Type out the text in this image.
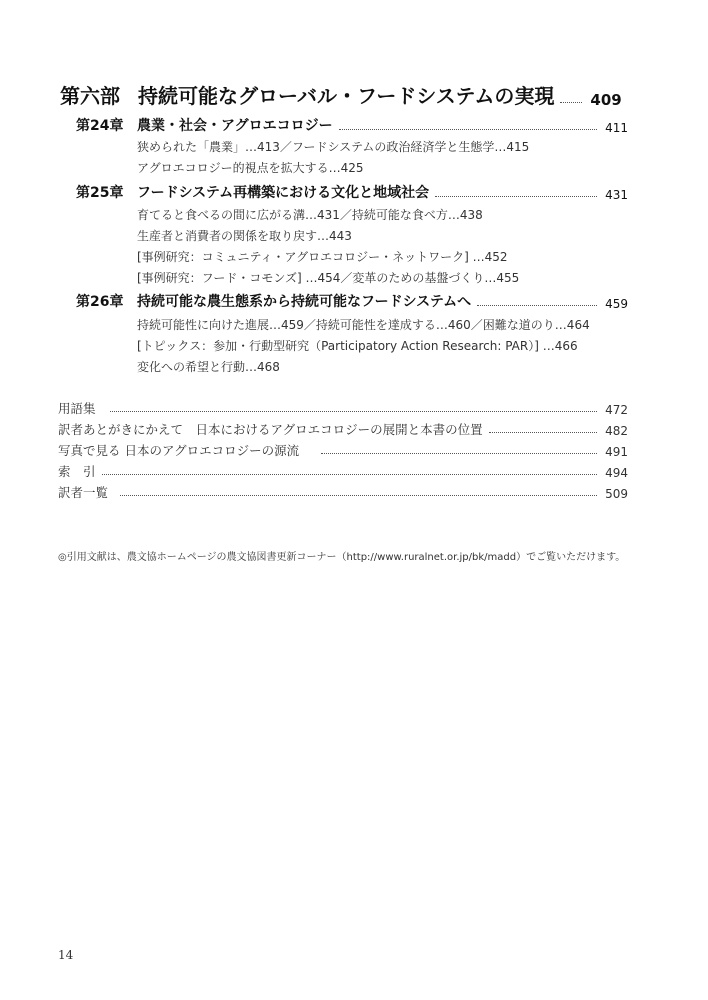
第六部 持続可能なグローバル・フードシステムの実現 409
第24章 農業・社会・アグロエコロジー	411
狭められた「農業」…413／フードシステムの政治経済学と生態学…415
アグロエコロジー的視点を拡大する…425
第25章 フードシステム再構築における文化と地域社会	431
育てると食べるの間に広がる溝…431／持続可能な食べ方…438
生産者と消費者の関係を取り戻す…443
[事例研究：コミュニティ・アグロエコロジー・ネットワーク] …452
[事例研究：フード・コモンズ] …454／変革のための基盤づくり…455
第26章 持続可能な農生態系から持続可能なフードシステムへ	459
持続可能性に向けた進展…459／持続可能性を達成する…460／困難な道のり…464
[トピックス：参加・行動型研究（Participatory Action Research: PAR）] …466
変化への希望と行動…468
用語集	472
訳者あとがきにかえて　日本におけるアグロエコロジーの展開と本書の位置	482
写真で見る 日本のアグロエコロジーの源流	491
索　引	494
訳者一覧	509
◎引用文献は、農文協ホームページの農文協図書更新コーナー（http://www.ruralnet.or.jp/bk/madd）でご覧いただけます。
14
